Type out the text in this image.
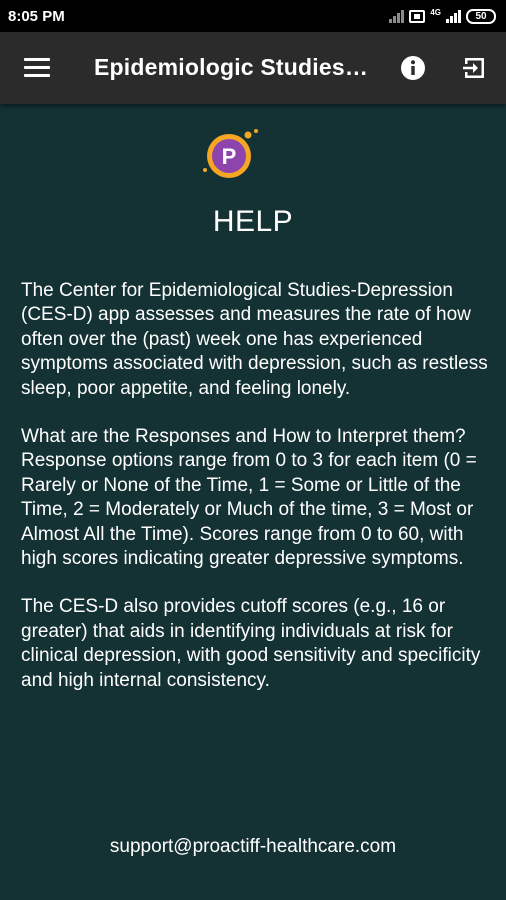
8:05 PM	4G	50
Epidemiologic Studies…
P
HELP

The Center for Epidemiological Studies-Depression (CES-D) app assesses and measures the rate of how often over the (past) week one has experienced symptoms associated with depression, such as restless sleep, poor appetite, and feeling lonely.

What are the Responses and How to Interpret them? Response options range from 0 to 3 for each item (0 = Rarely or None of the Time, 1 = Some or Little of the Time, 2 = Moderately or Much of the time, 3 = Most or Almost All the Time). Scores range from 0 to 60, with high scores indicating greater depressive symptoms.

The CES-D also provides cutoff scores (e.g., 16 or greater) that aids in identifying individuals at risk for clinical depression, with good sensitivity and specificity and high internal consistency.

support@proactiff-healthcare.com
